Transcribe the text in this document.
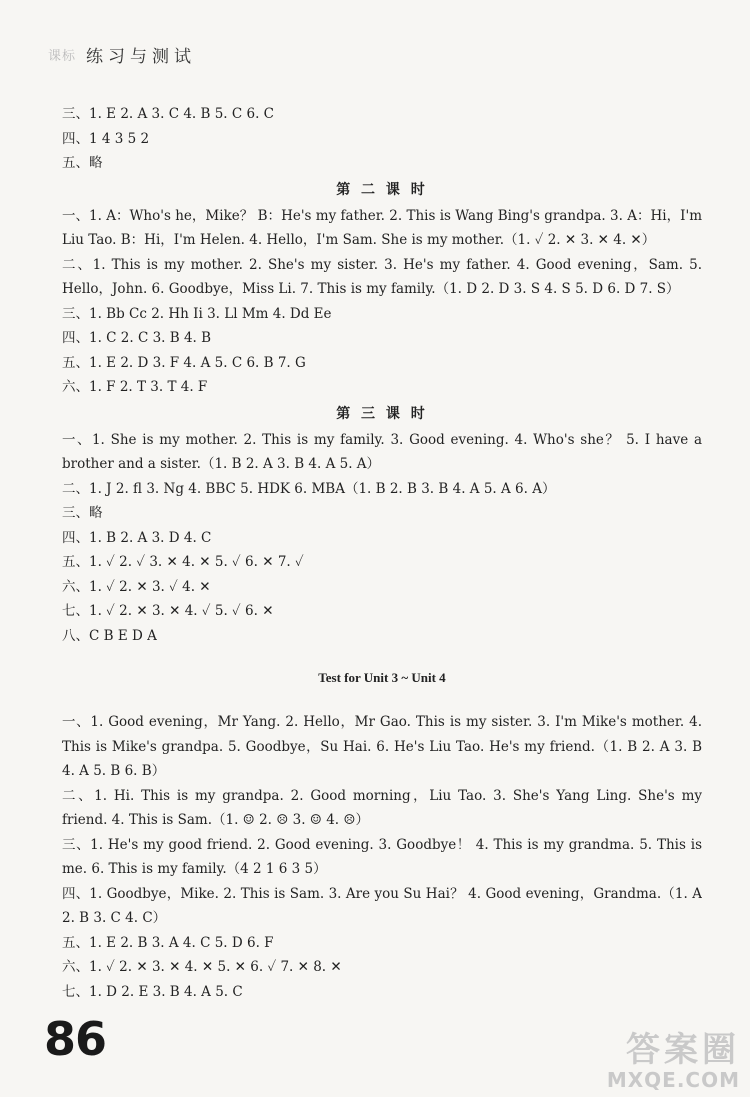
课标 练习与测试
三、1. E 2. A 3. C 4. B 5. C 6. C
四、1 4 3 5 2
五、略
第 二 课 时
一、1. A：Who's he，Mike？ B：He's my father. 2. This is Wang Bing's grandpa. 3. A：Hi，I'm Liu Tao. B：Hi，I'm Helen. 4. Hello，I'm Sam. She is my mother.（1. ✓ 2. ✕ 3. ✕ 4. ✕）
二、1. This is my mother. 2. She's my sister. 3. He's my father. 4. Good evening，Sam. 5. Hello，John. 6. Goodbye，Miss Li. 7. This is my family.（1. D 2. D 3. S 4. S 5. D 6. D 7. S）
三、1. Bb Cc 2. Hh Ii 3. Ll Mm 4. Dd Ee
四、1. C 2. C 3. B 4. B
五、1. E 2. D 3. F 4. A 5. C 6. B 7. G
六、1. F 2. T 3. T 4. F
第 三 课 时
一、1. She is my mother. 2. This is my family. 3. Good evening. 4. Who's she？ 5. I have a brother and a sister.（1. B 2. A 3. B 4. A 5. A）
二、1. J 2. fl 3. Ng 4. BBC 5. HDK 6. MBA（1. B 2. B 3. B 4. A 5. A 6. A）
三、略
四、1. B 2. A 3. D 4. C
五、1. ✓ 2. ✓ 3. ✕ 4. ✕ 5. ✓ 6. ✕ 7. ✓
六、1. ✓ 2. ✕ 3. ✓ 4. ✕
七、1. ✓ 2. ✕ 3. ✕ 4. ✓ 5. ✓ 6. ✕
八、C B E D A
Test for Unit 3 ~ Unit 4
一、1. Good evening，Mr Yang. 2. Hello，Mr Gao. This is my sister. 3. I'm Mike's mother. 4. This is Mike's grandpa. 5. Goodbye，Su Hai. 6. He's Liu Tao. He's my friend.（1. B 2. A 3. B 4. A 5. B 6. B）
二、1. Hi. This is my grandpa. 2. Good morning，Liu Tao. 3. She's Yang Ling. She's my friend. 4. This is Sam.（1. ☺ 2. ☹ 3. ☺ 4. ☹）
三、1. He's my good friend. 2. Good evening. 3. Goodbye！ 4. This is my grandma. 5. This is me. 6. This is my family.（4 2 1 6 3 5）
四、1. Goodbye，Mike. 2. This is Sam. 3. Are you Su Hai？ 4. Good evening，Grandma.（1. A 2. B 3. C 4. C）
五、1. E 2. B 3. A 4. C 5. D 6. F
六、1. ✓ 2. ✕ 3. ✕ 4. ✕ 5. ✕ 6. ✓ 7. ✕ 8. ✕
七、1. D 2. E 3. B 4. A 5. C
86	答案圈
MXQE.COM
